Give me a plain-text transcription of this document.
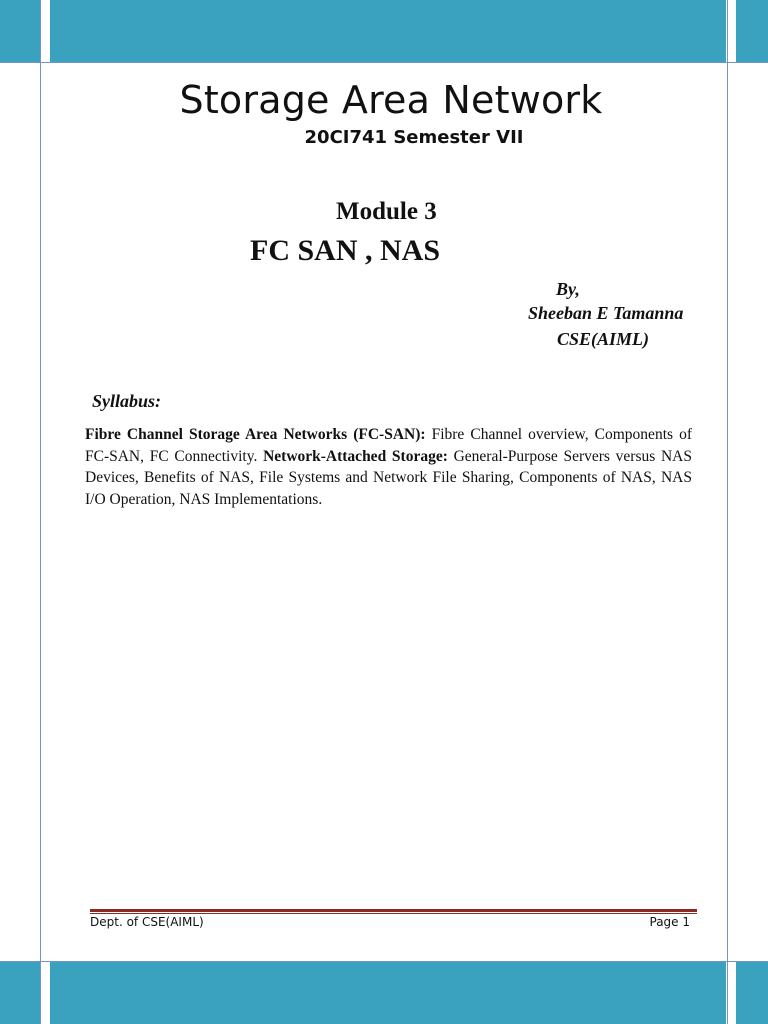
Storage Area Network
20CI741 Semester VII
Module 3
FC SAN , NAS
By,
Sheeban E Tamanna
CSE(AIML)
Syllabus:
Fibre Channel Storage Area Networks (FC-SAN): Fibre Channel overview, Components of FC-SAN, FC Connectivity. Network-Attached Storage: General-Purpose Servers versus NAS Devices, Benefits of NAS, File Systems and Network File Sharing, Components of NAS, NAS I/O Operation, NAS Implementations.
Dept. of CSE(AIML)	Page 1
